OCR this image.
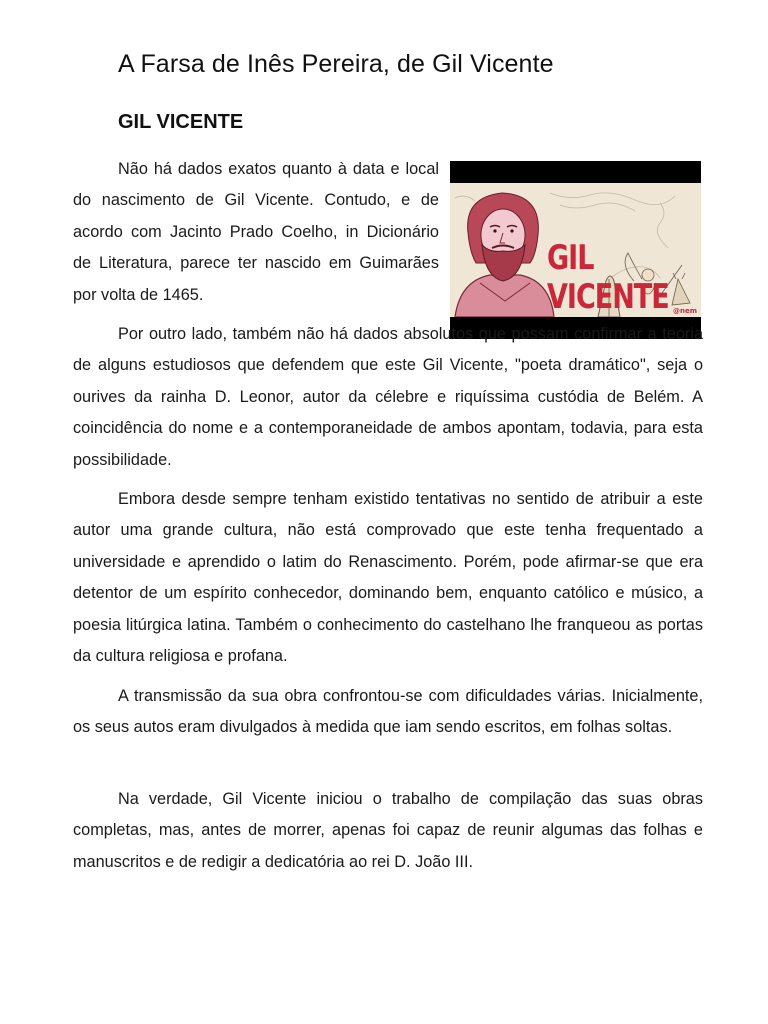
A Farsa de Inês Pereira, de Gil Vicente
GIL VICENTE

Não há dados exatos quanto à data e local do nascimento de Gil Vicente. Contudo, e de acordo com Jacinto Prado Coelho, in Dicionário de Literatura, parece ter nascido em Guimarães por volta de 1465.

GIL VICENTE @nem

Por outro lado, também não há dados absolutos que possam confirmar a teoria de alguns estudiosos que defendem que este Gil Vicente, "poeta dramático", seja o ourives da rainha D. Leonor, autor da célebre e riquíssima custódia de Belém. A coincidência do nome e a contemporaneidade de ambos apontam, todavia, para esta possibilidade.

Embora desde sempre tenham existido tentativas no sentido de atribuir a este autor uma grande cultura, não está comprovado que este tenha frequentado a universidade e aprendido o latim do Renascimento. Porém, pode afirmar-se que era detentor de um espírito conhecedor, dominando bem, enquanto católico e músico, a poesia litúrgica latina. Também o conhecimento do castelhano lhe franqueou as portas da cultura religiosa e profana.

A transmissão da sua obra confrontou-se com dificuldades várias. Inicialmente, os seus autos eram divulgados à medida que iam sendo escritos, em folhas soltas.

Na verdade, Gil Vicente iniciou o trabalho de compilação das suas obras completas, mas, antes de morrer, apenas foi capaz de reunir algumas das folhas e manuscritos e de redigir a dedicatória ao rei D. João III.
